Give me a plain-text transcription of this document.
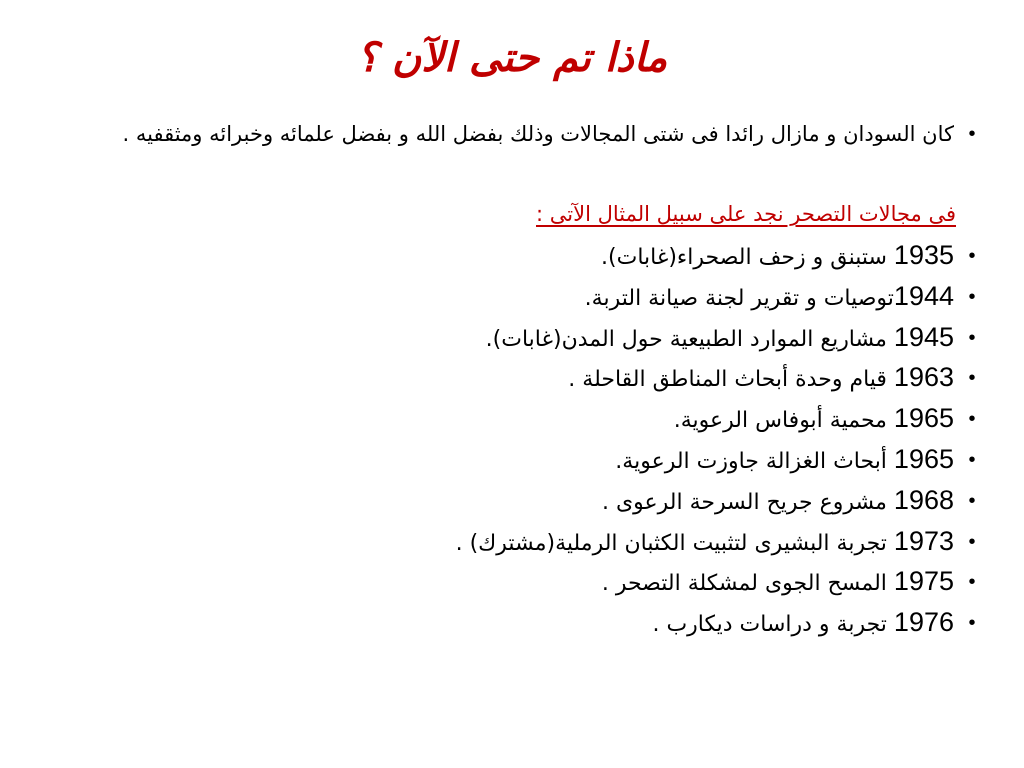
ماذا تم حتى الآن ؟
•
كان السودان و مازال رائدا فى شتى المجالات وذلك بفضل الله و بفضل علمائه وخبرائه ومثقفيه .
فى مجالات التصحر نجد على سبيل المثال الآتى :
•
1935 ستبنق و زحف الصحراء(غابات).
•
1944توصيات و تقرير لجنة صيانة التربة.
•
1945 مشاريع الموارد الطبيعية حول المدن(غابات).
•
1963 قيام وحدة أبحاث المناطق القاحلة .
•
1965 محمية أبوفاس الرعوية.
•
1965 أبحاث الغزالة جاوزت الرعوية.
•
1968 مشروع جريح السرحة الرعوى .
•
1973 تجربة البشيرى لتثبيت الكثبان الرملية(مشترك) .
•
1975 المسح الجوى لمشكلة التصحر .
•
1976 تجربة و دراسات ديكارب .
